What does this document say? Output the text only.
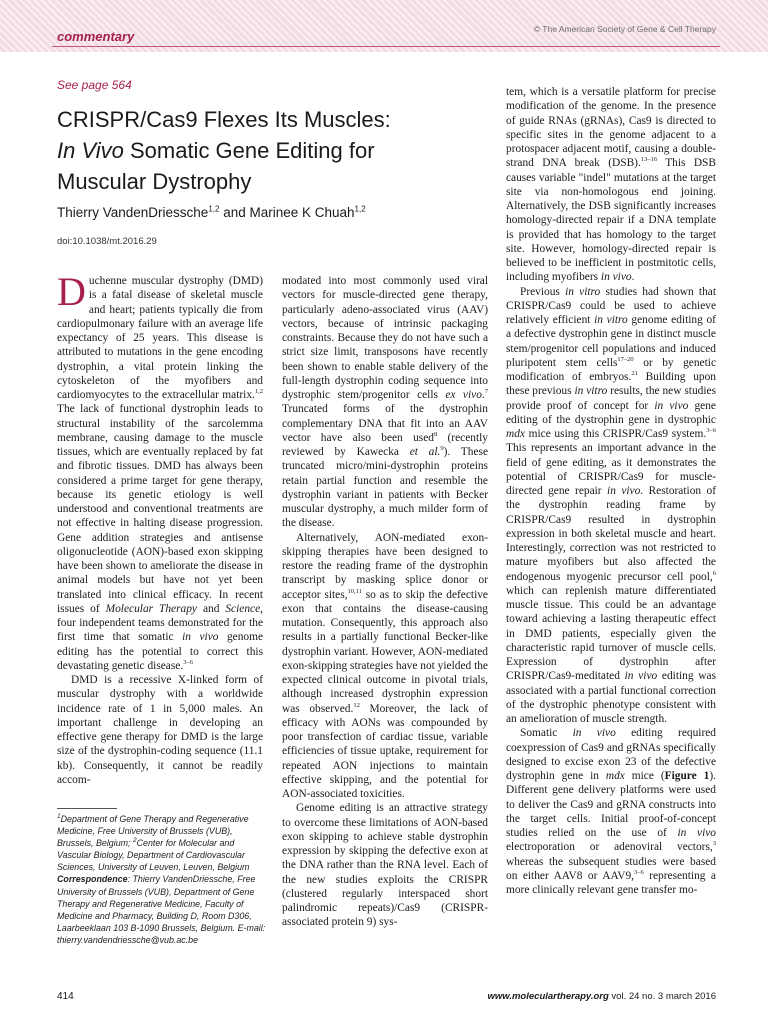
commentary	© The American Society of Gene & Cell Therapy
See page 564
CRISPR/Cas9 Flexes Its Muscles:
In Vivo Somatic Gene Editing for
Muscular Dystrophy
Thierry VandenDriessche$^{1,2}$ and Marinee K Chuah$^{1,2}$
doi:10.1038/mt.2016.29

Duchenne muscular dystrophy (DMD) is a fatal disease of skeletal muscle and heart; patients typically die from cardiopulmonary failure with an average life expectancy of 25 years. This disease is attributed to mutations in the gene encoding dystrophin, a vital protein linking the cytoskeleton of the myofibers and cardiomyocytes to the extracellular matrix.$^{1,2}$ The lack of functional dystrophin leads to structural instability of the sarcolemma membrane, causing damage to the muscle tissues, which are eventually replaced by fat and fibrotic tissues. DMD has always been considered a prime target for gene therapy, because its genetic etiology is well understood and conventional treatments are not effective in halting disease progression. Gene addition strategies and antisense oligonucleotide (AON)-based exon skipping have been shown to ameliorate the disease in animal models but have not yet been translated into clinical efficacy. In recent issues of Molecular Therapy and Science, four independent teams demonstrated for the first time that somatic in vivo genome editing has the potential to correct this devastating genetic disease.$^{3-6}$

DMD is a recessive X-linked form of muscular dystrophy with a worldwide incidence rate of 1 in 5,000 males. An important challenge in developing an effective gene therapy for DMD is the large size of the dystrophin-coding sequence (11.1 kb). Consequently, it cannot be readily accom-

$^1$Department of Gene Therapy and Regenerative Medicine, Free University of Brussels (VUB), Brussels, Belgium; $^2$Center for Molecular and Vascular Biology, Department of Cardiovascular Sciences, University of Leuven, Leuven, Belgium

Correspondence: Thierry VandenDriessche, Free University of Brussels (VUB), Department of Gene Therapy and Regenerative Medicine, Faculty of Medicine and Pharmacy, Building D, Room D306, Laarbeeklaan 103 B-1090 Brussels, Belgium. E-mail: thierry.vandendriessche@vub.ac.be

modated into most commonly used viral vectors for muscle-directed gene therapy, particularly adeno-associated virus (AAV) vectors, because of intrinsic packaging constraints. Because they do not have such a strict size limit, transposons have recently been shown to enable stable delivery of the full-length dystrophin coding sequence into dystrophic stem/progenitor cells ex vivo.$^7$ Truncated forms of the dystrophin complementary DNA that fit into an AAV vector have also been used$^8$ (recently reviewed by Kawecka et al.$^9$). These truncated micro/mini-dystrophin proteins retain partial function and resemble the dystrophin variant in patients with Becker muscular dystrophy, a much milder form of the disease.

Alternatively, AON-mediated exon-skipping therapies have been designed to restore the reading frame of the dystrophin transcript by masking splice donor or acceptor sites,$^{10,11}$ so as to skip the defective exon that contains the disease-causing mutation. Consequently, this approach also results in a partially functional Becker-like dystrophin variant. However, AON-mediated exon-skipping strategies have not yielded the expected clinical outcome in pivotal trials, although increased dystrophin expression was observed.$^{12}$ Moreover, the lack of efficacy with AONs was compounded by poor transfection of cardiac tissue, variable efficiencies of tissue uptake, requirement for repeated AON injections to maintain effective skipping, and the potential for AON-associated toxicities.

Genome editing is an attractive strategy to overcome these limitations of AON-based exon skipping to achieve stable dystrophin expression by skipping the defective exon at the DNA rather than the RNA level. Each of the new studies exploits the CRISPR (clustered regularly interspaced short palindromic repeats)/Cas9 (CRISPR-associated protein 9) sys-

tem, which is a versatile platform for precise modification of the genome. In the presence of guide RNAs (gRNAs), Cas9 is directed to specific sites in the genome adjacent to a protospacer adjacent motif, causing a double-strand DNA break (DSB).$^{13-16}$ This DSB causes variable "indel" mutations at the target site via non-homologous end joining. Alternatively, the DSB significantly increases homology-directed repair if a DNA template is provided that has homology to the target site. However, homology-directed repair is believed to be inefficient in postmitotic cells, including myofibers in vivo.

Previous in vitro studies had shown that CRISPR/Cas9 could be used to achieve relatively efficient in vitro genome editing of a defective dystrophin gene in distinct muscle stem/progenitor cell populations and induced pluripotent stem cells$^{17-20}$ or by genetic modification of embryos.$^{21}$ Building upon these previous in vitro results, the new studies provide proof of concept for in vivo gene editing of the dystrophin gene in dystrophic mdx mice using this CRISPR/Cas9 system.$^{3-6}$ This represents an important advance in the field of gene editing, as it demonstrates the potential of CRISPR/Cas9 for muscle-directed gene repair in vivo. Restoration of the dystrophin reading frame by CRISPR/Cas9 resulted in dystrophin expression in both skeletal muscle and heart. Interestingly, correction was not restricted to mature myofibers but also affected the endogenous myogenic precursor cell pool,$^6$ which can replenish mature differentiated muscle tissue. This could be an advantage toward achieving a lasting therapeutic effect in DMD patients, especially given the characteristic rapid turnover of muscle cells. Expression of dystrophin after CRISPR/Cas9-meditated in vivo editing was associated with a partial functional correction of the dystrophic phenotype consistent with an amelioration of muscle strength.

Somatic in vivo editing required coexpression of Cas9 and gRNAs specifically designed to excise exon 23 of the defective dystrophin gene in mdx mice (Figure 1). Different gene delivery platforms were used to deliver the Cas9 and gRNA constructs into the target cells. Initial proof-of-concept studies relied on the use of in vivo electroporation or adenoviral vectors,$^3$ whereas the subsequent studies were based on either AAV8 or AAV9,$^{3-6}$ representing a more clinically relevant gene transfer mo-

414	www.moleculartherapy.org vol. 24 no. 3 march 2016
